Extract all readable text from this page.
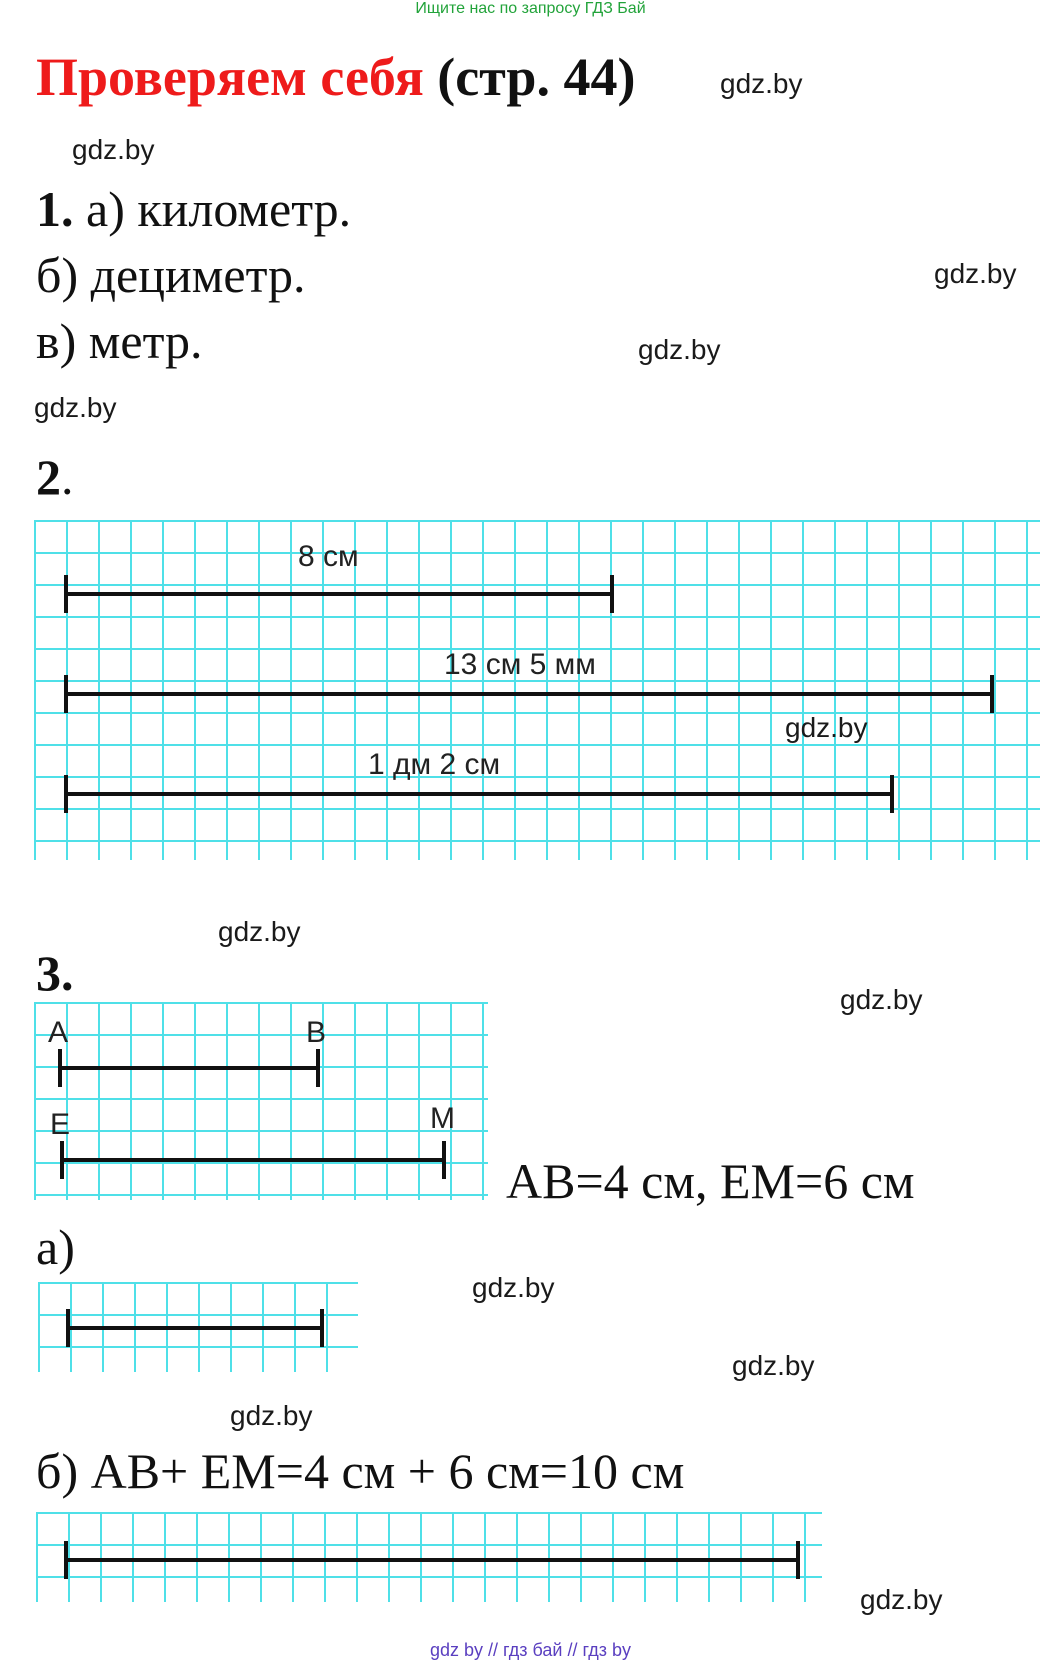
Ищите нас по запросу ГДЗ Бай
Проверяем себя (стр. 44)	gdz.by
gdz.by
1. а) километр.
б) дециметр.	gdz.by
в) метр.	gdz.by
gdz.by
2.
8 см
13 см 5 мм
1 дм 2 см
gdz.by
gdz.by
3.	gdz.by
A	B
E	M
AB=4 см, EM=6 см
а)
gdz.by
gdz.by
gdz.by
б) AB+ EM=4 см + 6 см=10 см
gdz.by
gdz by // гдз бай // гдз by
